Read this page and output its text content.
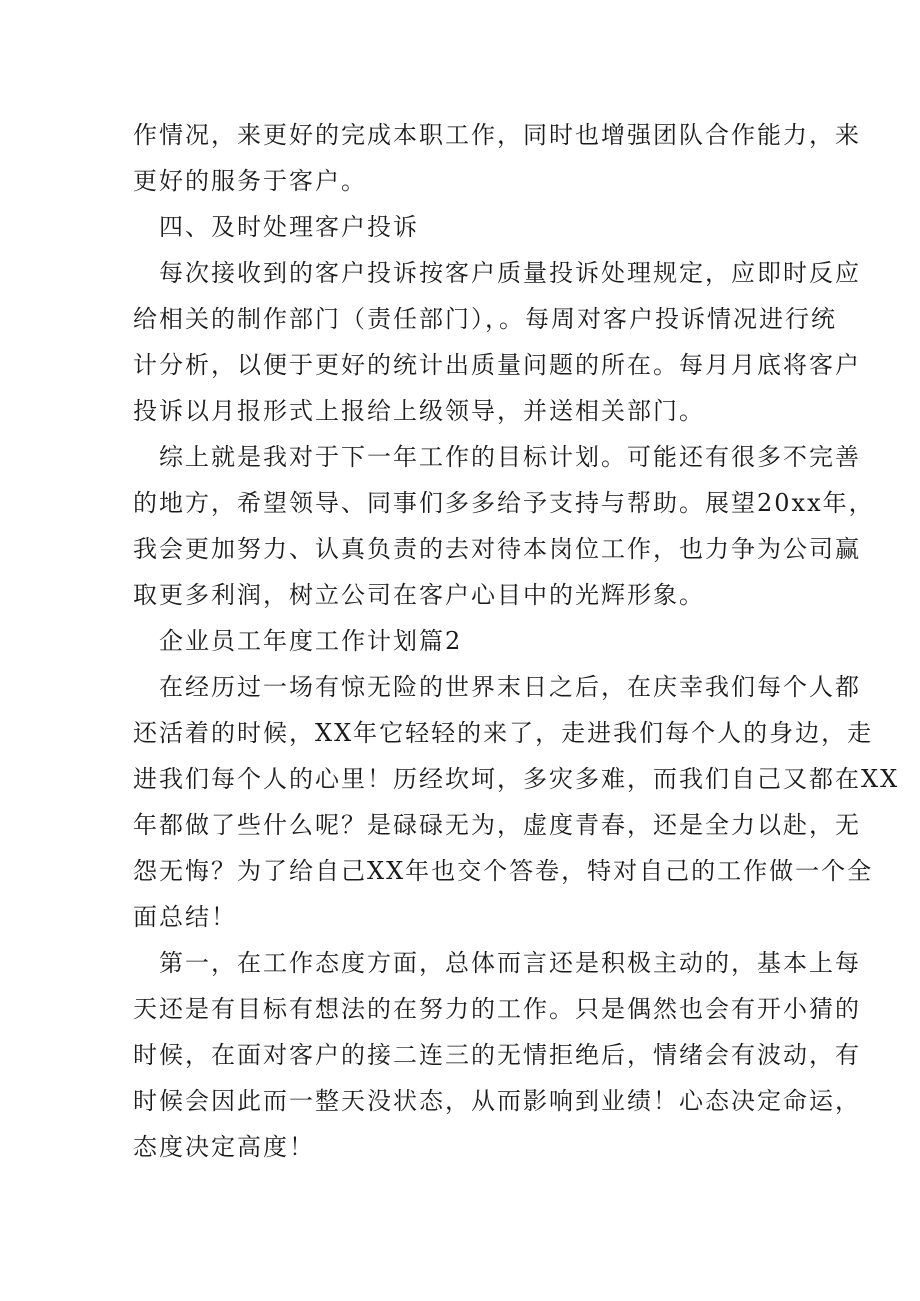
作情况，来更好的完成本职工作，同时也增强团队合作能力，来

更好的服务于客户。

四、及时处理客户投诉

每次接收到的客户投诉按客户质量投诉处理规定，应即时反应

给相关的制作部门（责任部门），。每周对客户投诉情况进行统

计分析，以便于更好的统计出质量问题的所在。每月月底将客户

投诉以月报形式上报给上级领导，并送相关部门。

综上就是我对于下一年工作的目标计划。可能还有很多不完善

的地方，希望领导、同事们多多给予支持与帮助。展望20xx年，

我会更加努力、认真负责的去对待本岗位工作，也力争为公司赢

取更多利润，树立公司在客户心目中的光辉形象。

企业员工年度工作计划篇2

在经历过一场有惊无险的世界末日之后，在庆幸我们每个人都

还活着的时候，XX年它轻轻的来了，走进我们每个人的身边，走

进我们每个人的心里！历经坎坷，多灾多难，而我们自己又都在XX

年都做了些什么呢？是碌碌无为，虚度青春，还是全力以赴，无

怨无悔？为了给自己XX年也交个答卷，特对自己的工作做一个全

面总结！

第一，在工作态度方面，总体而言还是积极主动的，基本上每

天还是有目标有想法的在努力的工作。只是偶然也会有开小猜的

时候，在面对客户的接二连三的无情拒绝后，情绪会有波动，有

时候会因此而一整天没状态，从而影响到业绩！心态决定命运，

态度决定高度！
